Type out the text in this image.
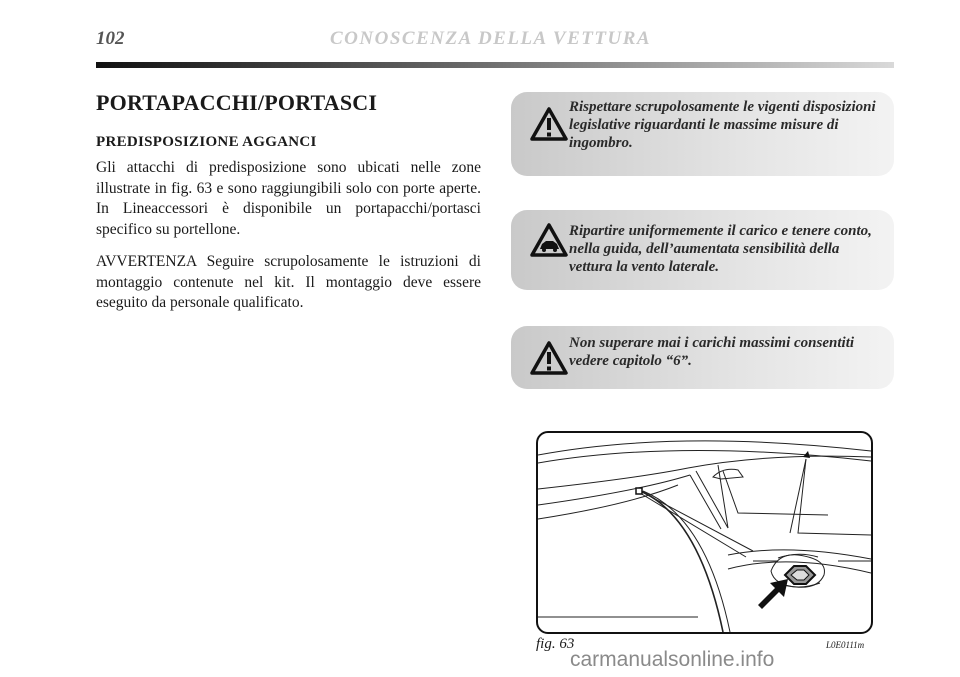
102	CONOSCENZA DELLA VETTURA
PORTAPACCHI/PORTASCI
PREDISPOSIZIONE AGGANCI
Gli attacchi di predisposizione sono ubicati nelle zone illustrate in fig. 63 e sono raggiungibili solo con porte aperte. In Lineaccessori è disponibile un portapacchi/portasci specifico su portellone.
AVVERTENZA Seguire scrupolosamente le istruzioni di montaggio contenute nel kit. Il montaggio deve essere eseguito da personale qualificato.
Rispettare scrupolosamente le vigenti disposizioni legislative riguardanti le massime misure di ingombro.
Ripartire uniformemente il carico e tenere conto, nella guida, dell’aumentata sensibilità della vettura la vento laterale.
Non superare mai i carichi massimi consentiti vedere capitolo “6”.
fig. 63	L0E0111m
carmanualsonline.info
